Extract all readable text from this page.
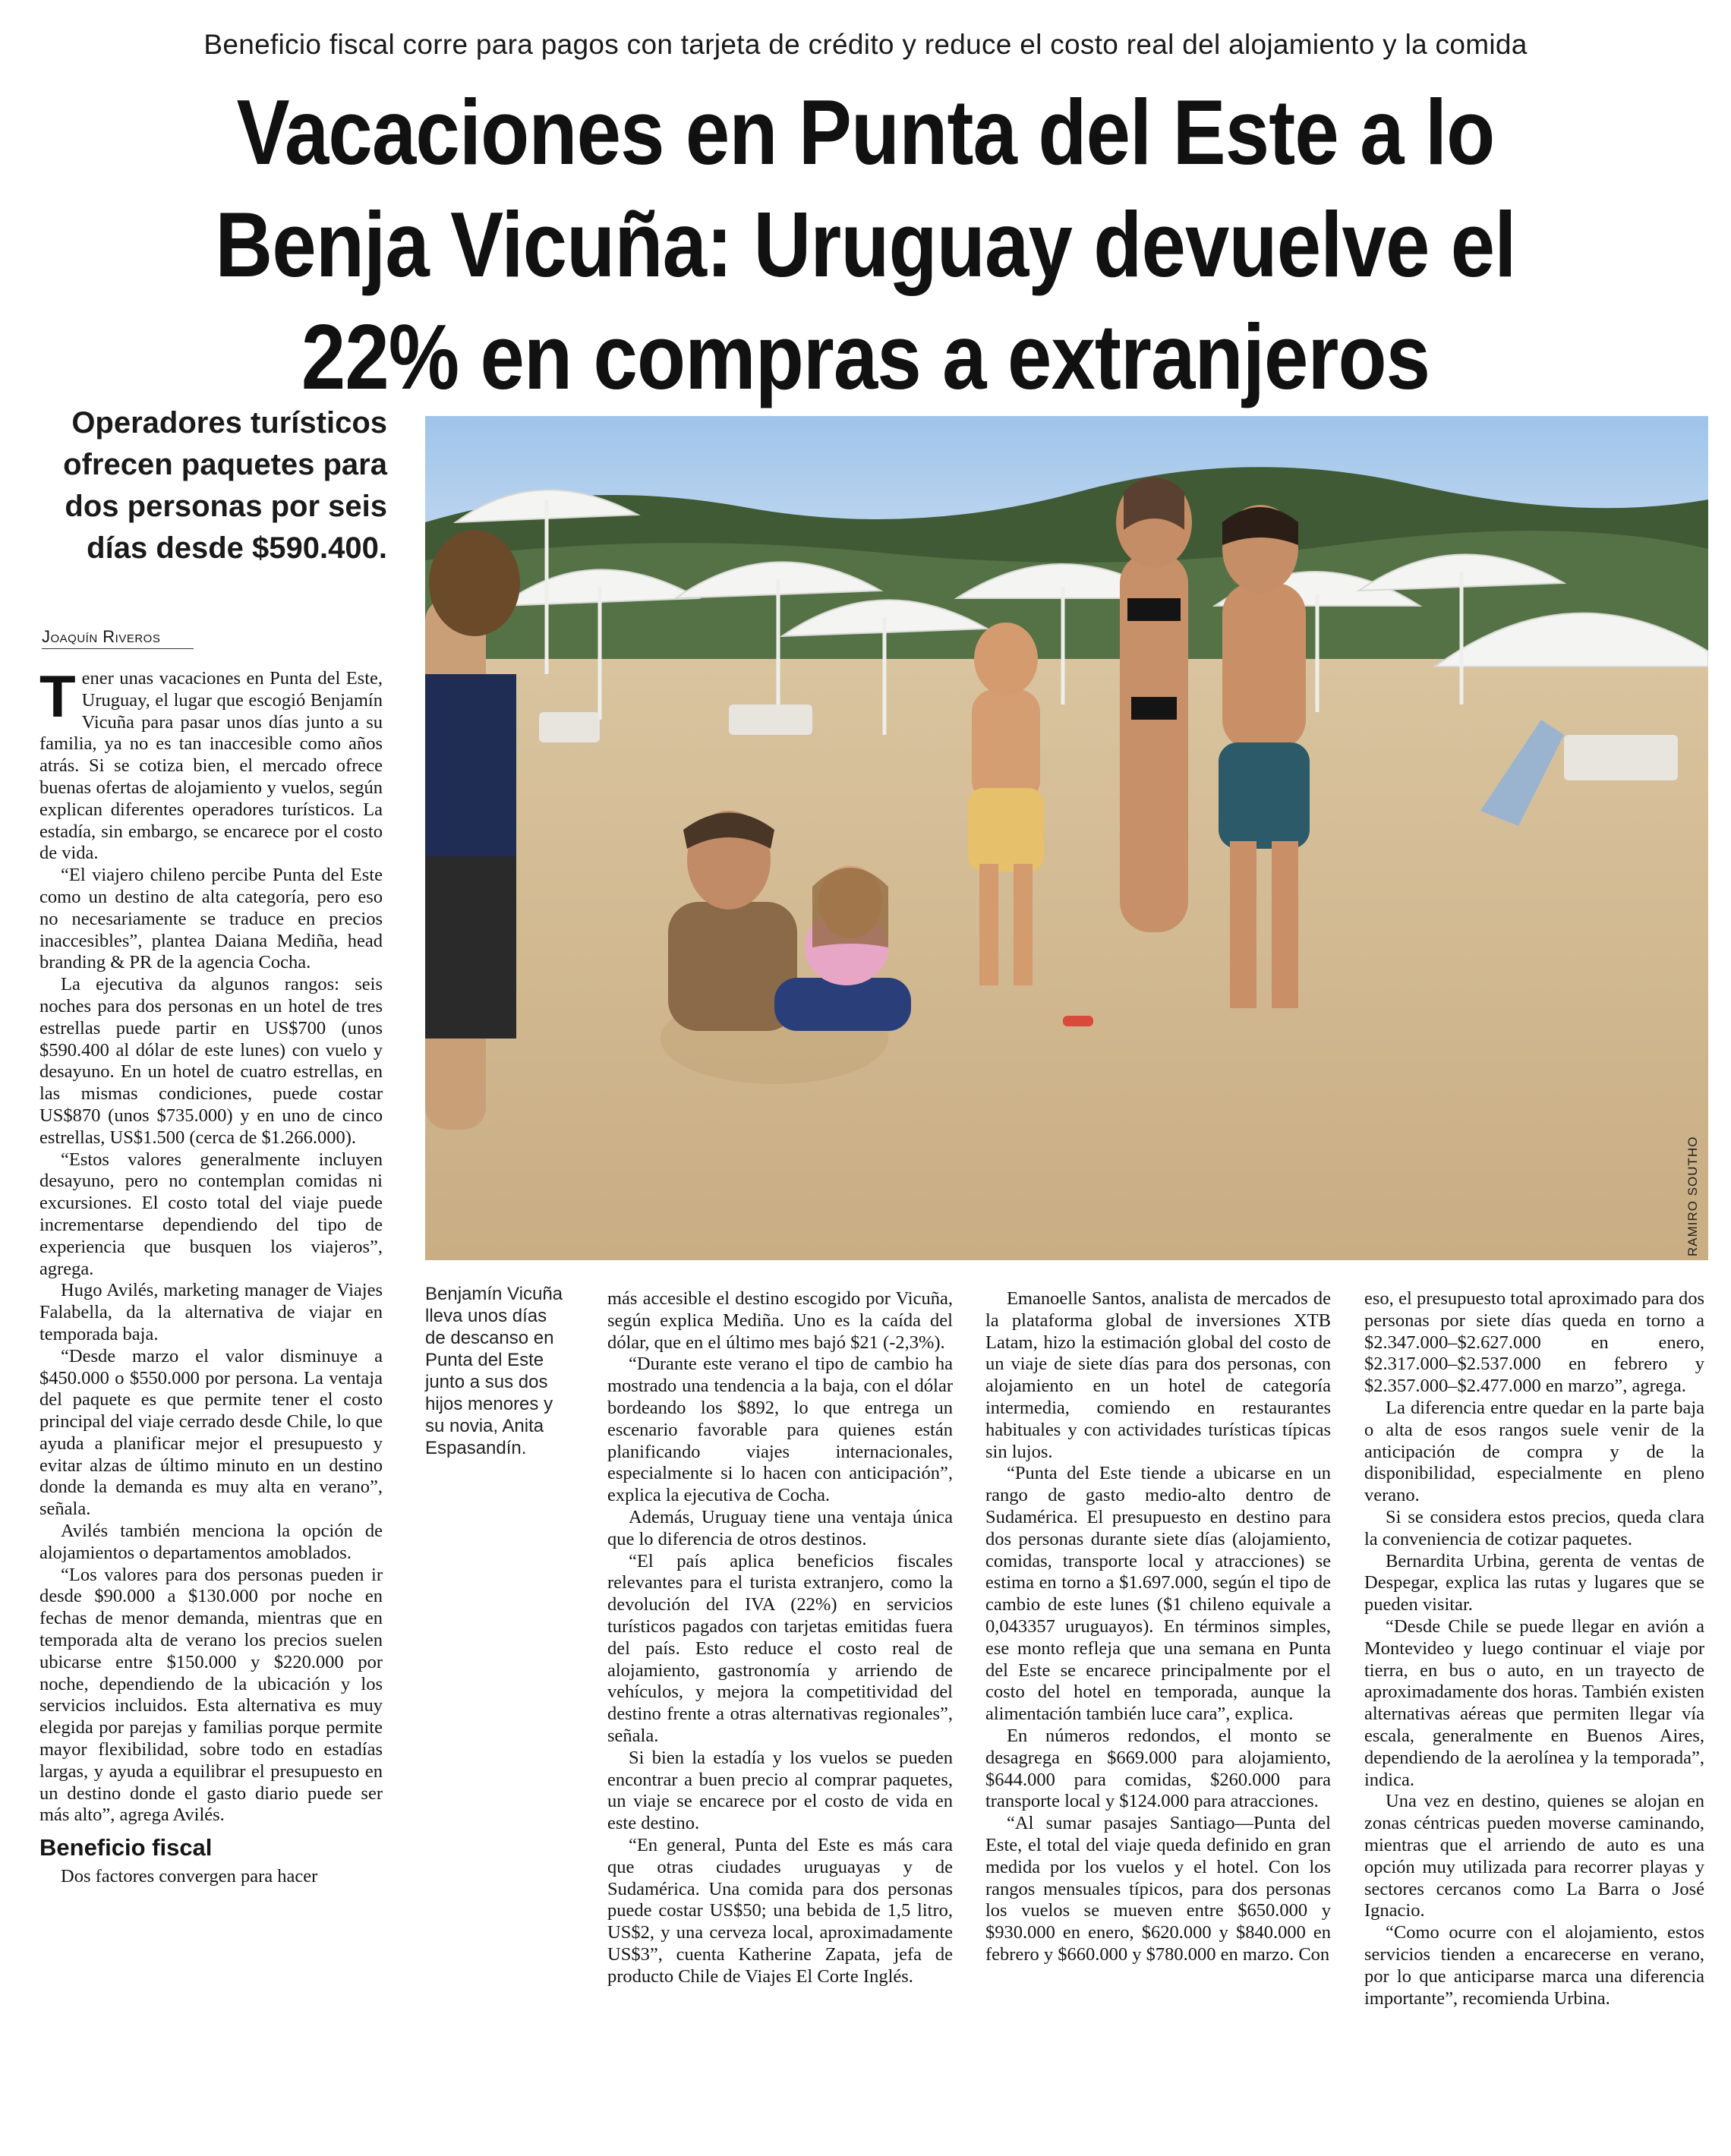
Beneficio fiscal corre para pagos con tarjeta de crédito y reduce el costo real del alojamiento y la comida
Vacaciones en Punta del Este a lo Benja Vicuña: Uruguay devuelve el 22% en compras a extranjeros

Operadores turísticos ofrecen paquetes para dos personas por seis días desde $590.400.

Joaquín Riveros
RAMIRO SOUTHO
Benjamín Vicuña lleva unos días de descanso en Punta del Este junto a sus dos hijos menores y su novia, Anita Espasandín.

Tener unas vacaciones en Punta del Este, Uruguay, el lugar que escogió Benjamín Vicuña para pasar unos días junto a su familia, ya no es tan inaccesible como años atrás. Si se cotiza bien, el mercado ofrece buenas ofertas de alojamiento y vuelos, según explican diferentes operadores turísticos. La estadía, sin embargo, se encarece por el costo de vida.

“El viajero chileno percibe Punta del Este como un destino de alta categoría, pero eso no necesariamente se traduce en precios inaccesibles”, plantea Daiana Mediña, head branding & PR de la agencia Cocha.

La ejecutiva da algunos rangos: seis noches para dos personas en un hotel de tres estrellas puede partir en US$700 (unos $590.400 al dólar de este lunes) con vuelo y desayuno. En un hotel de cuatro estrellas, en las mismas condiciones, puede costar US$870 (unos $735.000) y en uno de cinco estrellas, US$1.500 (cerca de $1.266.000).

“Estos valores generalmente incluyen desayuno, pero no contemplan comidas ni excursiones. El costo total del viaje puede incrementarse dependiendo del tipo de experiencia que busquen los viajeros”, agrega.

Hugo Avilés, marketing manager de Viajes Falabella, da la alternativa de viajar en temporada baja.

“Desde marzo el valor disminuye a $450.000 o $550.000 por persona. La ventaja del paquete es que permite tener el costo principal del viaje cerrado desde Chile, lo que ayuda a planificar mejor el presupuesto y evitar alzas de último minuto en un destino donde la demanda es muy alta en verano”, señala.

Avilés también menciona la opción de alojamientos o departamentos amoblados.

“Los valores para dos personas pueden ir desde $90.000 a $130.000 por noche en fechas de menor demanda, mientras que en temporada alta de verano los precios suelen ubicarse entre $150.000 y $220.000 por noche, dependiendo de la ubicación y los servicios incluidos. Esta alternativa es muy elegida por parejas y familias porque permite mayor flexibilidad, sobre todo en estadías largas, y ayuda a equilibrar el presupuesto en un destino donde el gasto diario puede ser más alto”, agrega Avilés.

Beneficio fiscal

Dos factores convergen para hacer

más accesible el destino escogido por Vicuña, según explica Mediña. Uno es la caída del dólar, que en el último mes bajó $21 (-2,3%).

“Durante este verano el tipo de cambio ha mostrado una tendencia a la baja, con el dólar bordeando los $892, lo que entrega un escenario favorable para quienes están planificando viajes internacionales, especialmente si lo hacen con anticipación”, explica la ejecutiva de Cocha.

Además, Uruguay tiene una ventaja única que lo diferencia de otros destinos.

“El país aplica beneficios fiscales relevantes para el turista extranjero, como la devolución del IVA (22%) en servicios turísticos pagados con tarjetas emitidas fuera del país. Esto reduce el costo real de alojamiento, gastronomía y arriendo de vehículos, y mejora la competitividad del destino frente a otras alternativas regionales”, señala.

Si bien la estadía y los vuelos se pueden encontrar a buen precio al comprar paquetes, un viaje se encarece por el costo de vida en este destino.

“En general, Punta del Este es más cara que otras ciudades uruguayas y de Sudamérica. Una comida para dos personas puede costar US$50; una bebida de 1,5 litro, US$2, y una cerveza local, aproximadamente US$3”, cuenta Katherine Zapata, jefa de producto Chile de Viajes El Corte Inglés.

Emanoelle Santos, analista de mercados de la plataforma global de inversiones XTB Latam, hizo la estimación global del costo de un viaje de siete días para dos personas, con alojamiento en un hotel de categoría intermedia, comiendo en restaurantes habituales y con actividades turísticas típicas sin lujos.

“Punta del Este tiende a ubicarse en un rango de gasto medio-alto dentro de Sudamérica. El presupuesto en destino para dos personas durante siete días (alojamiento, comidas, transporte local y atracciones) se estima en torno a $1.697.000, según el tipo de cambio de este lunes ($1 chileno equivale a 0,043357 uruguayos). En términos simples, ese monto refleja que una semana en Punta del Este se encarece principalmente por el costo del hotel en temporada, aunque la alimentación también luce cara”, explica.

En números redondos, el monto se desagrega en $669.000 para alojamiento, $644.000 para comidas, $260.000 para transporte local y $124.000 para atracciones.

“Al sumar pasajes Santiago—Punta del Este, el total del viaje queda definido en gran medida por los vuelos y el hotel. Con los rangos mensuales típicos, para dos personas los vuelos se mueven entre $650.000 y $930.000 en enero, $620.000 y $840.000 en febrero y $660.000 y $780.000 en marzo. Con

eso, el presupuesto total aproximado para dos personas por siete días queda en torno a $2.347.000–$2.627.000 en enero, $2.317.000–$2.537.000 en febrero y $2.357.000–$2.477.000 en marzo”, agrega.

La diferencia entre quedar en la parte baja o alta de esos rangos suele venir de la anticipación de compra y de la disponibilidad, especialmente en pleno verano.

Si se considera estos precios, queda clara la conveniencia de cotizar paquetes.

Bernardita Urbina, gerenta de ventas de Despegar, explica las rutas y lugares que se pueden visitar.

“Desde Chile se puede llegar en avión a Montevideo y luego continuar el viaje por tierra, en bus o auto, en un trayecto de aproximadamente dos horas. También existen alternativas aéreas que permiten llegar vía escala, generalmente en Buenos Aires, dependiendo de la aerolínea y la temporada”, indica.

Una vez en destino, quienes se alojan en zonas céntricas pueden moverse caminando, mientras que el arriendo de auto es una opción muy utilizada para recorrer playas y sectores cercanos como La Barra o José Ignacio.

“Como ocurre con el alojamiento, estos servicios tienden a encarecerse en verano, por lo que anticiparse marca una diferencia importante”, recomienda Urbina.
